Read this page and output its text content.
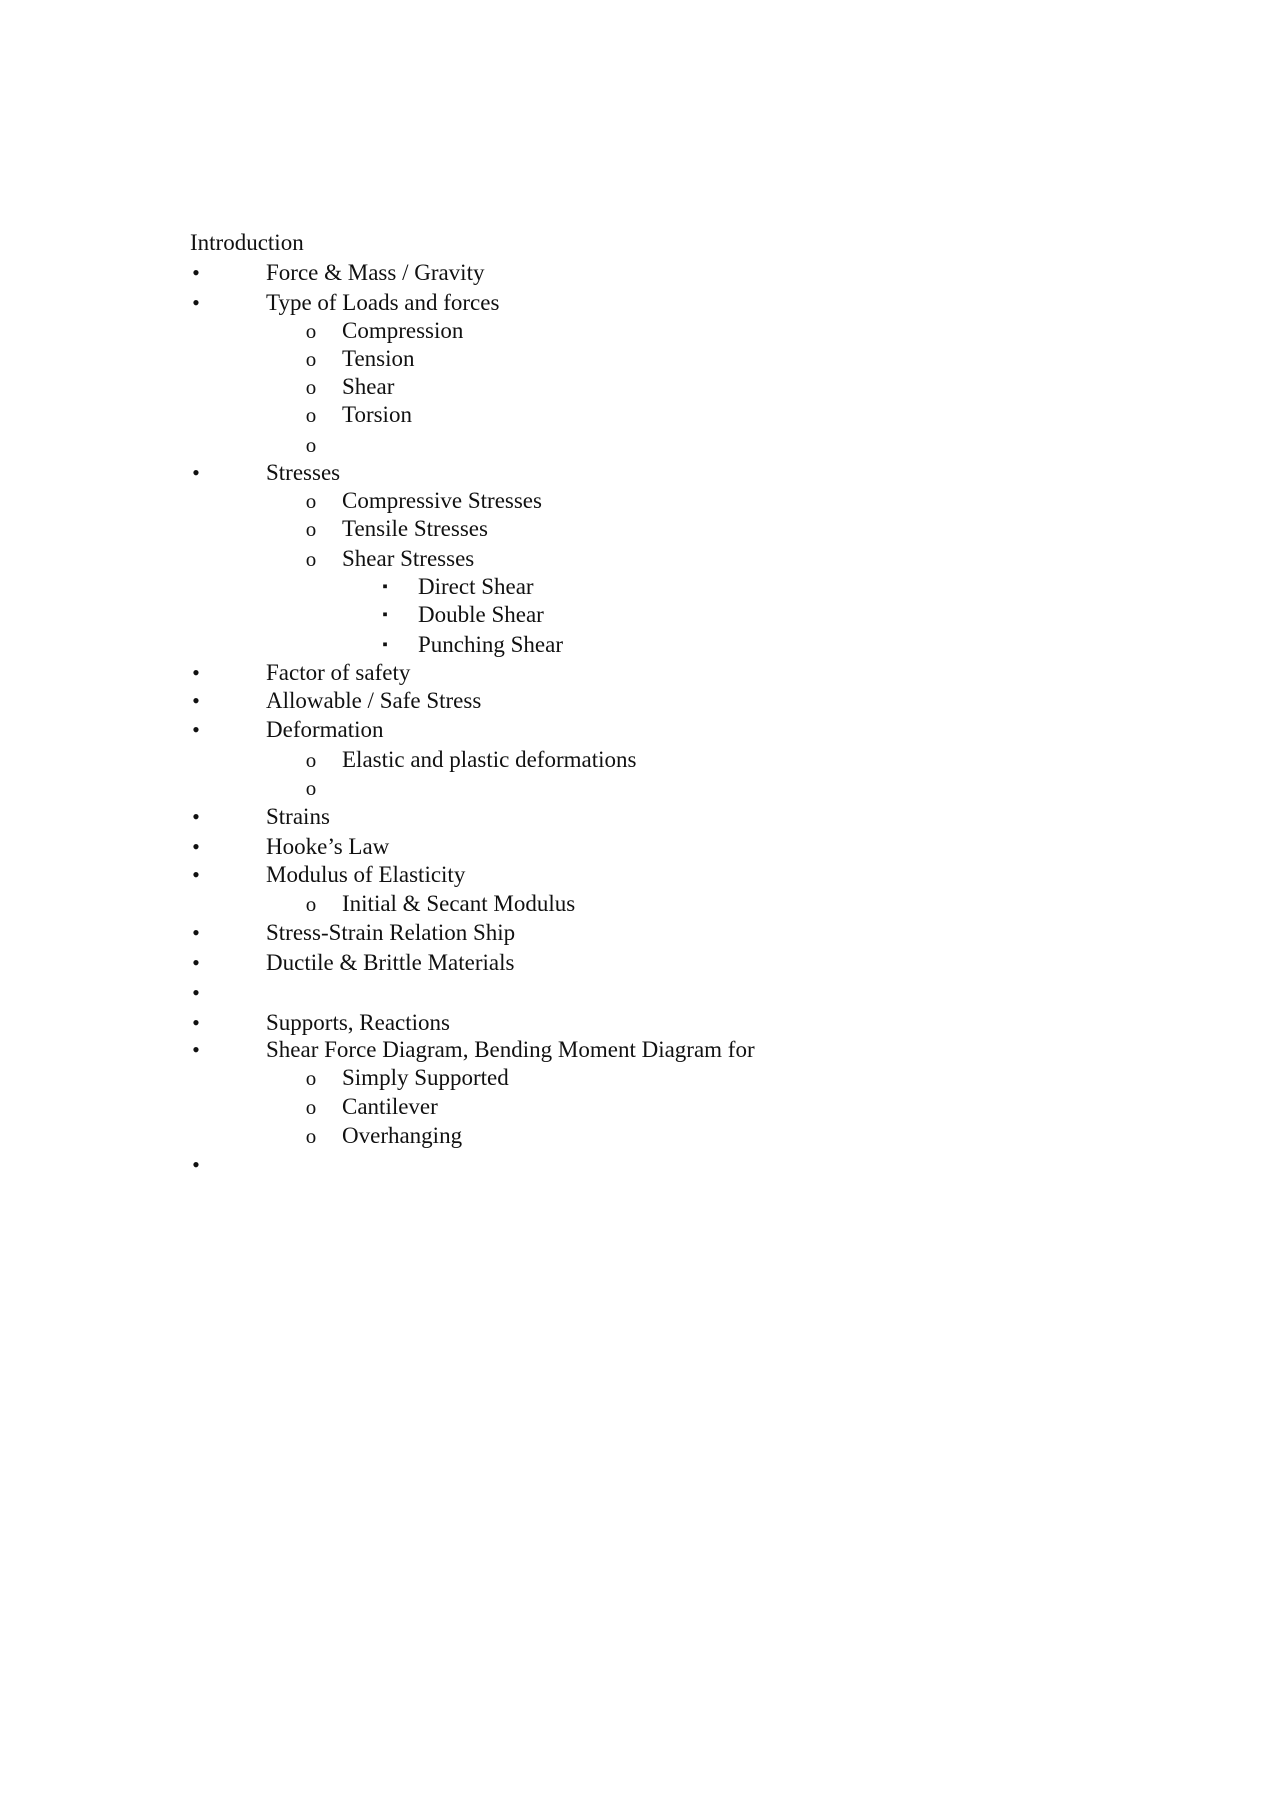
Introduction

•	Force & Mass / Gravity
•	Type of Loads and forces
o Compression
o Tension
o Shear
o Torsion
o
•	Stresses
o Compressive Stresses
o Tensile Stresses
o Shear Stresses
▪	Direct Shear
▪	Double Shear
▪	Punching Shear
•	Factor of safety
•	Allowable / Safe Stress
•	Deformation
o Elastic and plastic deformations
o
•	Strains
•	Hooke’s Law
•	Modulus of Elasticity
o Initial & Secant Modulus
•	Stress-Strain Relation Ship
•	Ductile & Brittle Materials
•
•	Supports, Reactions
•	Shear Force Diagram, Bending Moment Diagram for
o Simply Supported
o Cantilever
o Overhanging
•
